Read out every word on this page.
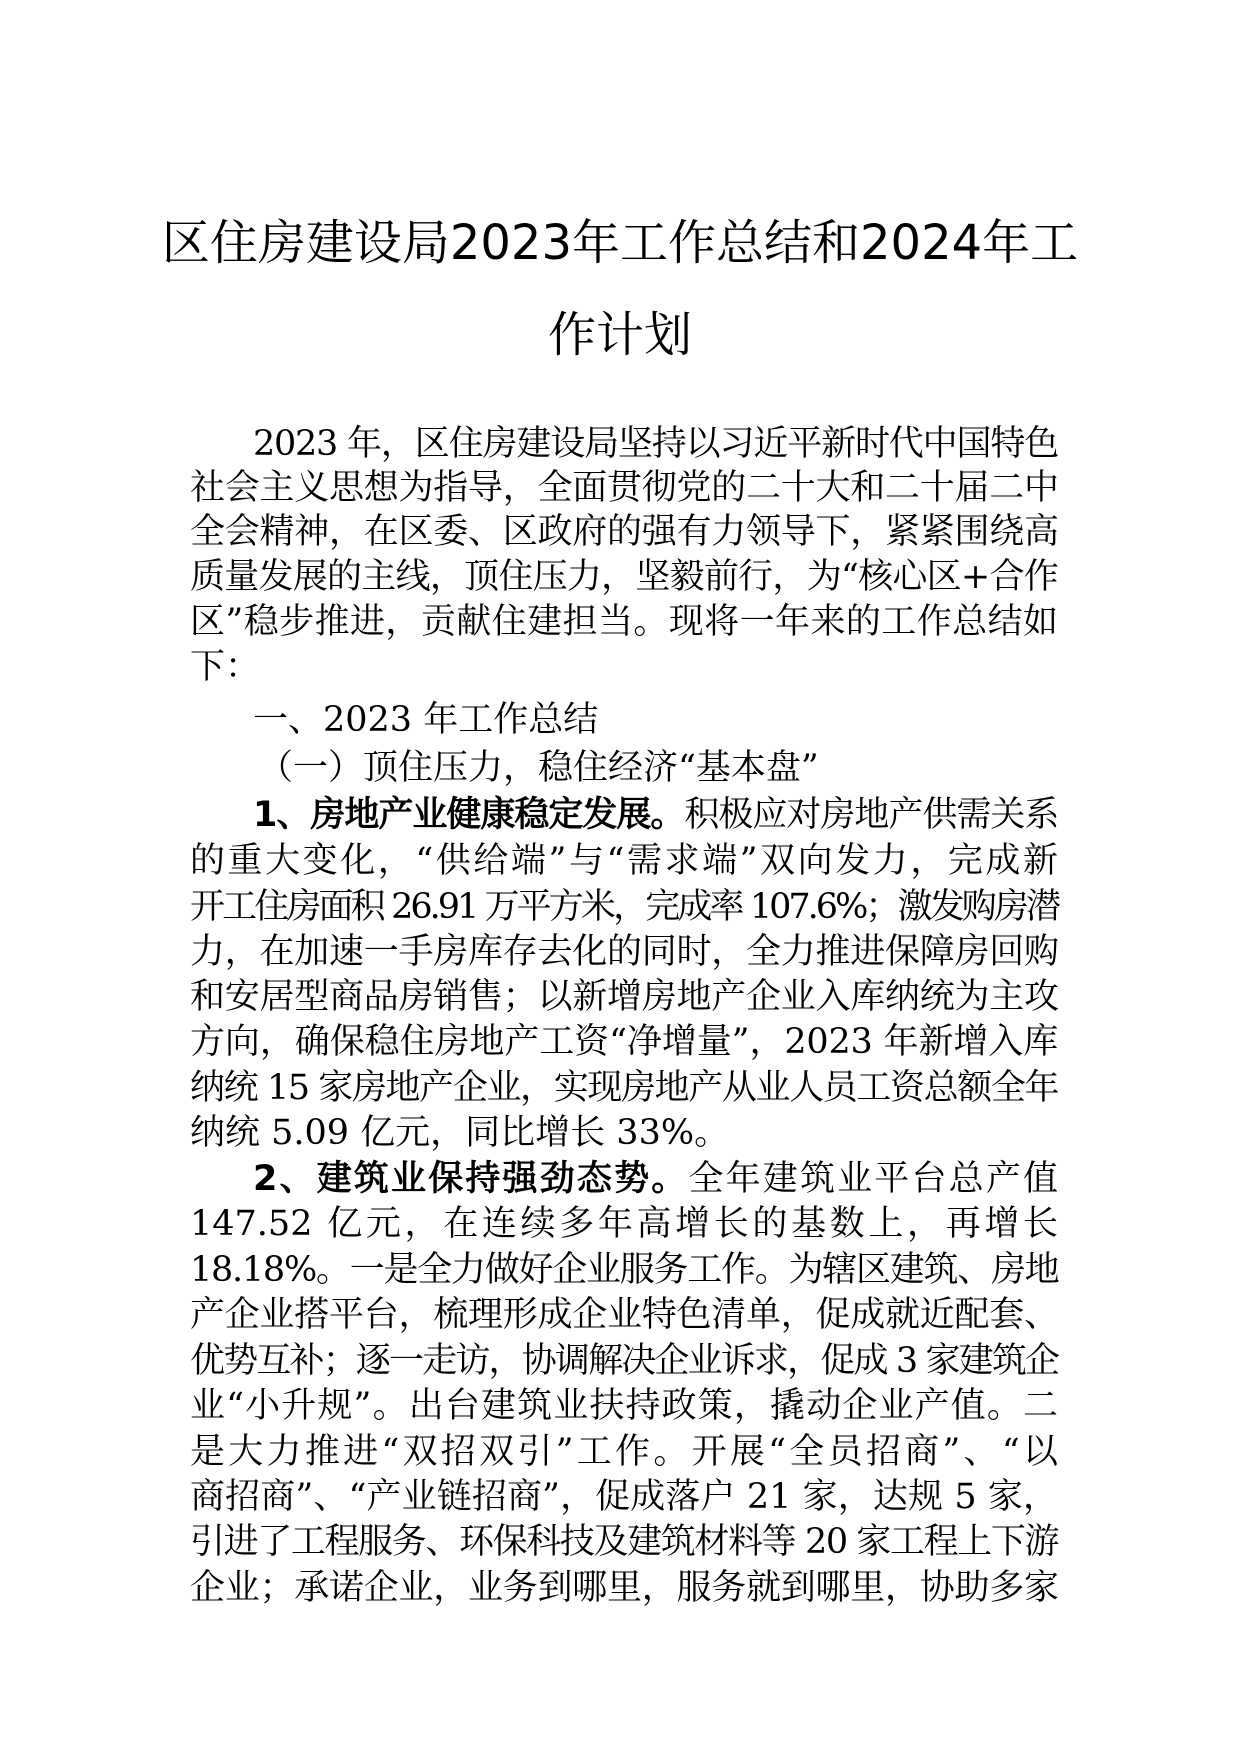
区住房建设局2023年工作总结和2024年工
作计划
2023 年，区住房建设局坚持以习近平新时代中国特色
社会主义思想为指导，全面贯彻党的二十大和二十届二中
全会精神，在区委、区政府的强有力领导下，紧紧围绕高
质量发展的主线，顶住压力，坚毅前行，为“核心区+合作
区”稳步推进，贡献住建担当。现将一年来的工作总结如
下：
一、2023 年工作总结
（一）顶住压力，稳住经济“基本盘”
1、房地产业健康稳定发展。积极应对房地产供需关系
的重大变化，“供给端”与“需求端”双向发力，完成新
开工住房面积 26.91 万平方米，完成率 107.6%；激发购房潜
力，在加速一手房库存去化的同时，全力推进保障房回购
和安居型商品房销售；以新增房地产企业入库纳统为主攻
方向，确保稳住房地产工资“净增量”，2023 年新增入库
纳统 15 家房地产企业，实现房地产从业人员工资总额全年
纳统 5.09 亿元，同比增长 33%。
2、建筑业保持强劲态势。全年建筑业平台总产值
147.52 亿元，在连续多年高增长的基数上，再增长
18.18%。一是全力做好企业服务工作。为辖区建筑、房地
产企业搭平台，梳理形成企业特色清单，促成就近配套、
优势互补；逐一走访，协调解决企业诉求，促成 3 家建筑企
业“小升规”。出台建筑业扶持政策，撬动企业产值。二
是大力推进“双招双引”工作。开展“全员招商”、“以
商招商”、“产业链招商”，促成落户 21 家，达规 5 家，
引进了工程服务、环保科技及建筑材料等 20 家工程上下游
企业；承诺企业，业务到哪里，服务就到哪里，协助多家
